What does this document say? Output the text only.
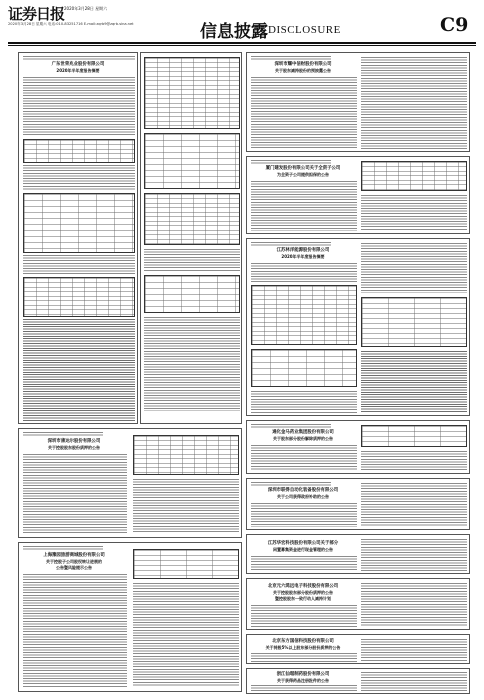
证券日报 2020年3月28日 星期六
2020年3月28日 星期六 电话:010-83251716 E-mail:zqrb9@zqrb.sina.net	信息披露 DISCLOSURE	C9
广东世荣兆业股份有限公司
2020年半年度报告摘要
深圳市康达尔股份有限公司
关于控股股东股份质押的公告
上海豫园旅游商城股份有限公司
关于控股子公司股权转让进展的
公告暨风险提示公告
深圳市耀中信财股份有限公司
关于股东减持股份的预披露公告
厦门建发股份有限公司关于全资子公司
为全资子公司提供担保的公告
江苏林洋能源股份有限公司
2020年半年度报告摘要
通化金马药业集团股份有限公司
关于股东部分股份解除质押的公告
深圳市联得自动化装备股份有限公司
关于公司获得政府补助的公告
江苏华宏科技股份有限公司关于部分
闲置募集资金进行现金管理的公告
北京元六鸿远电子科技股份有限公司
关于控股股东部分股份质押的公告
暨控股股东一致行动人减持计划
北京东方国信科技股份有限公司
关于持股5%以上股东部分股份质押的公告
浙江仙琚制药股份有限公司
关于获得药品注册批件的公告
